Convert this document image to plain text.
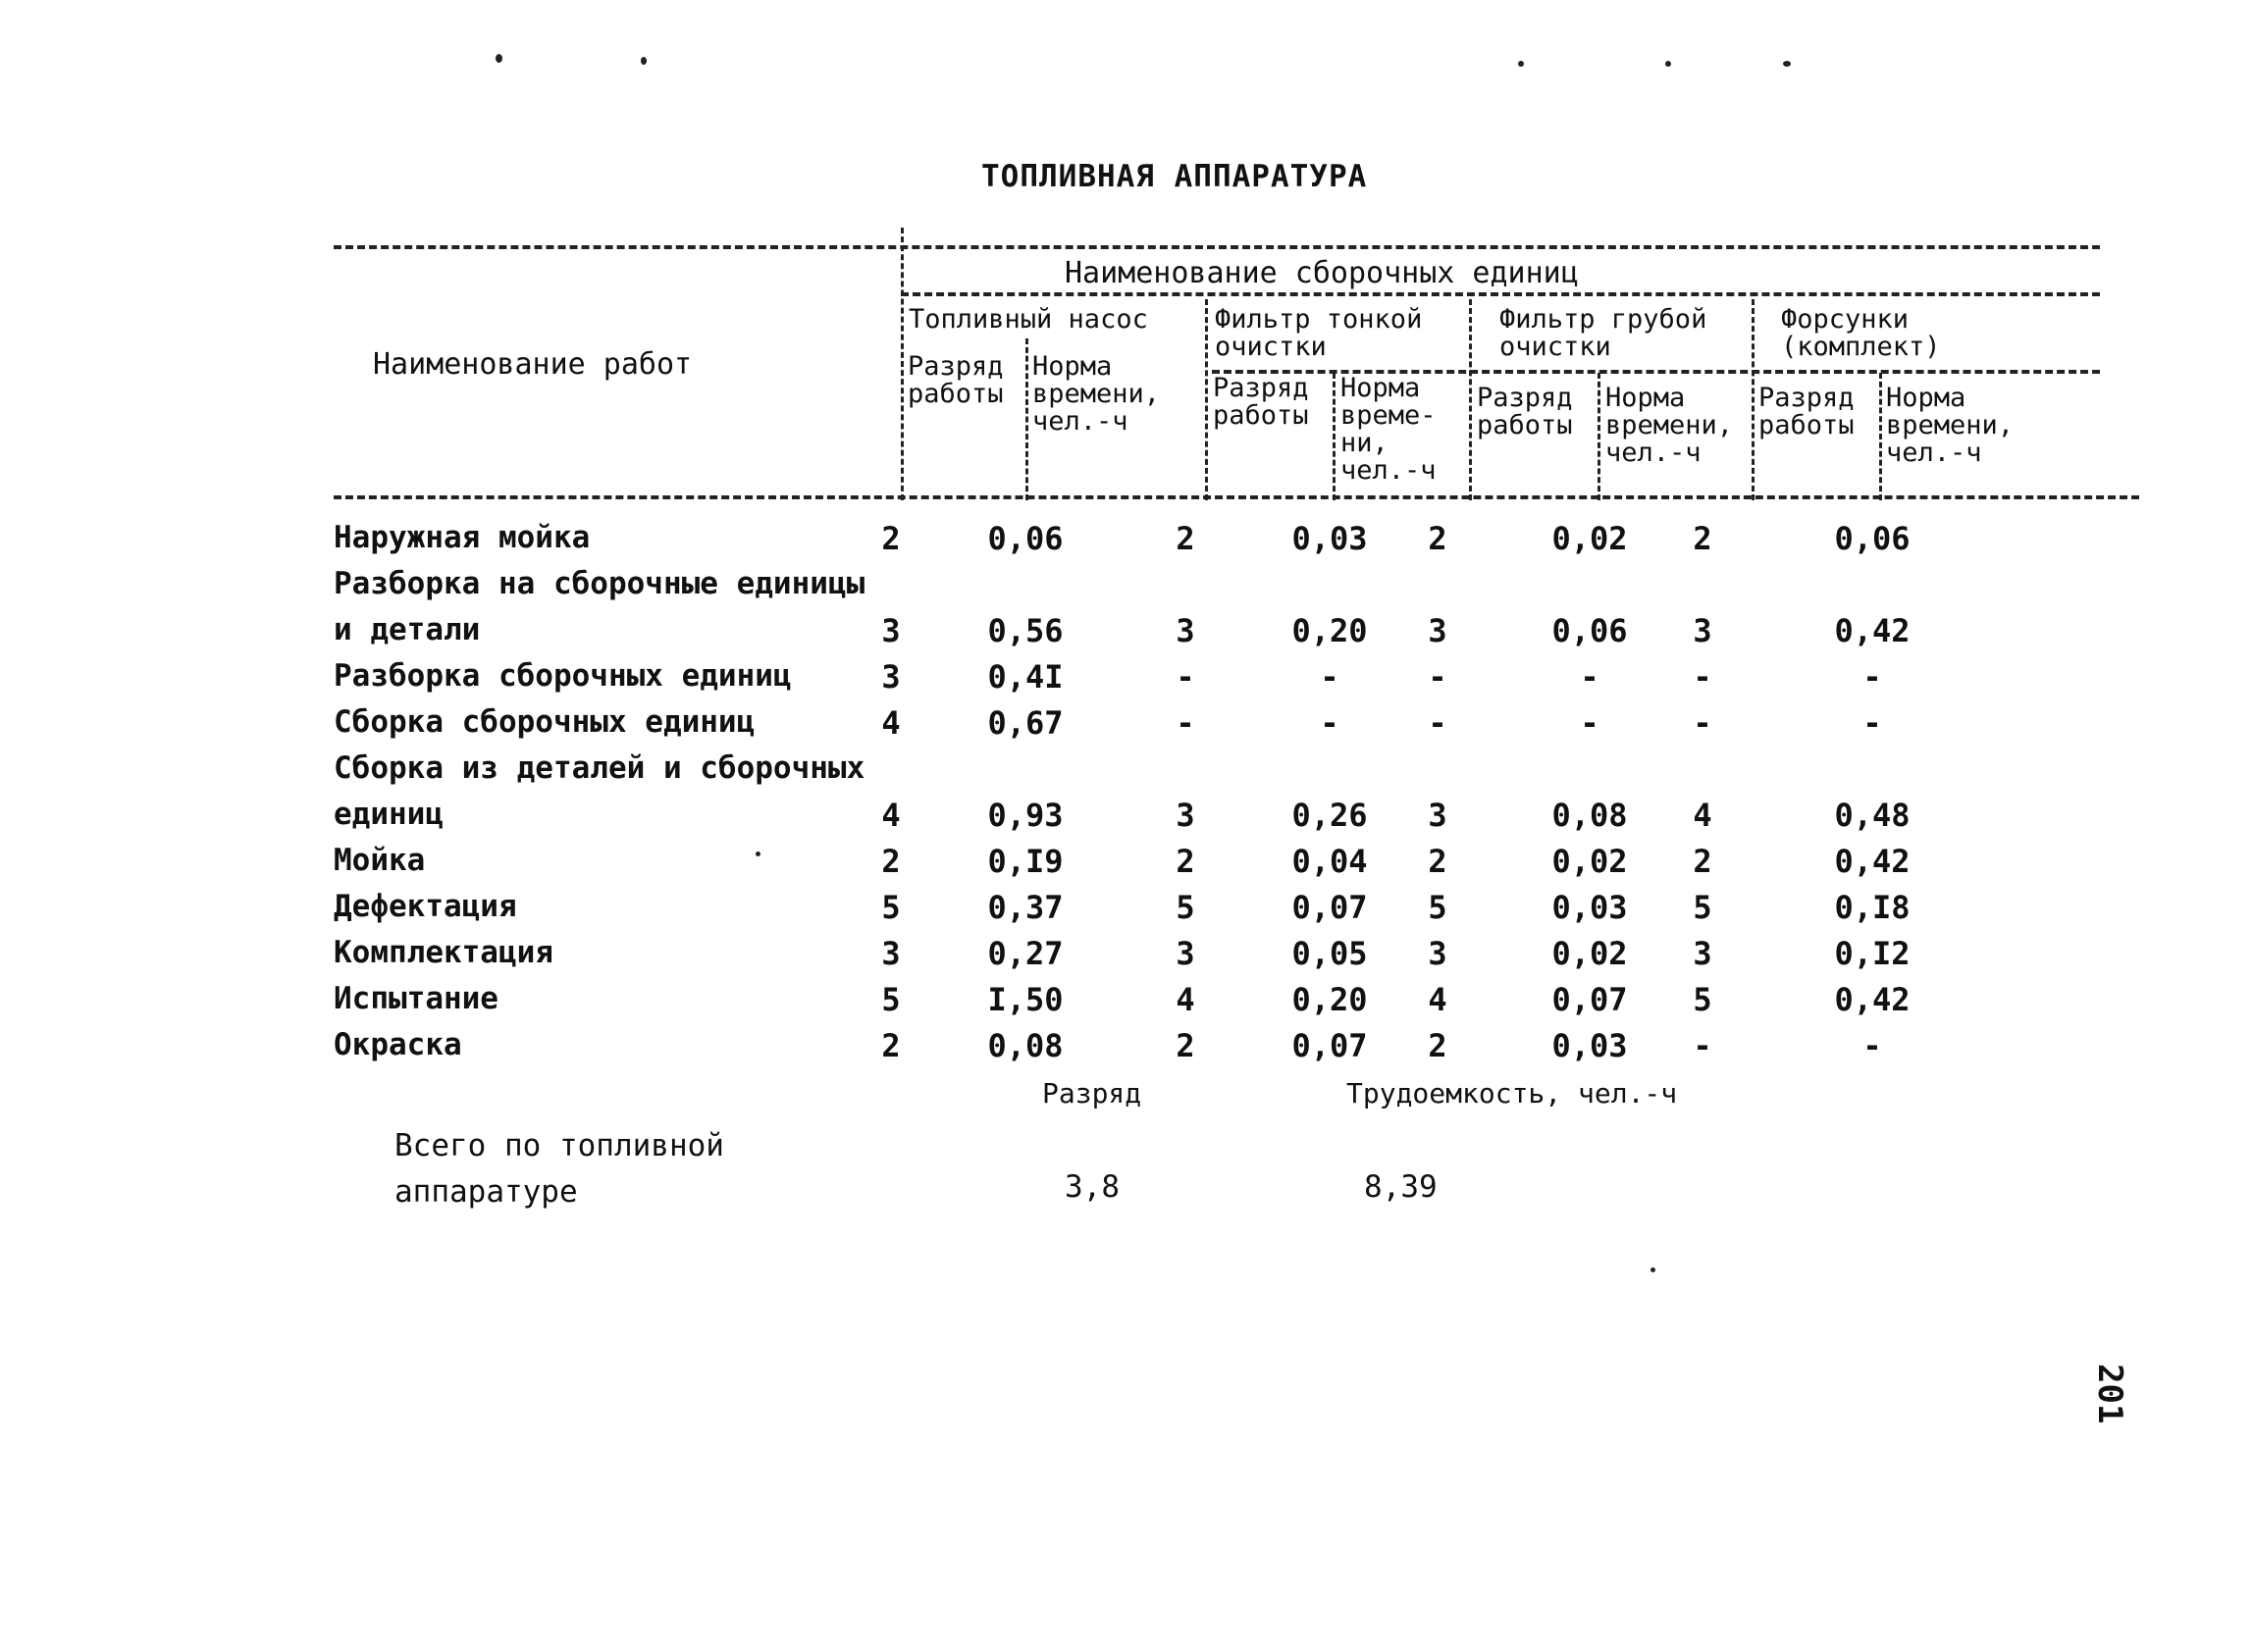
ТОПЛИВНАЯ АППАРАТУРА
Наименование работ
Наименование сборочных единиц
Топливный насос
Разряд
работы
Норма
времени,
чел.-ч
Фильтр тонкой
очистки
Разряд
работы
Норма
време-
ни,
чел.-ч
Фильтр грубой
очистки
Разряд
работы
Норма
времени,
чел.-ч
Форсунки
(комплект)
Разряд
работы
Норма
времени,
чел.-ч
Наружная мойка	2	0,06	2	0,03	2	0,02	2	0,06
Разборка на сборочные единицы
и детали	3	0,56	3	0,20	3	0,06	3	0,42
Разборка сборочных единиц	3	0,4I	-	-	-	-	-	-
Сборка сборочных единиц	4	0,67	-	-	-	-	-	-
Сборка из деталей и сборочных
единиц	4	0,93	3	0,26	3	0,08	4	0,48
Мойка	2	0,I9	2	0,04	2	0,02	2	0,42
Дефектация	5	0,37	5	0,07	5	0,03	5	0,I8
Комплектация	3	0,27	3	0,05	3	0,02	3	0,I2
Испытание	5	I,50	4	0,20	4	0,07	5	0,42
Окраска	2	0,08	2	0,07	2	0,03	-	-
Разряд	Трудоемкость, чел.-ч
Всего по топливной
аппаратуре	3,8	8,39
201
